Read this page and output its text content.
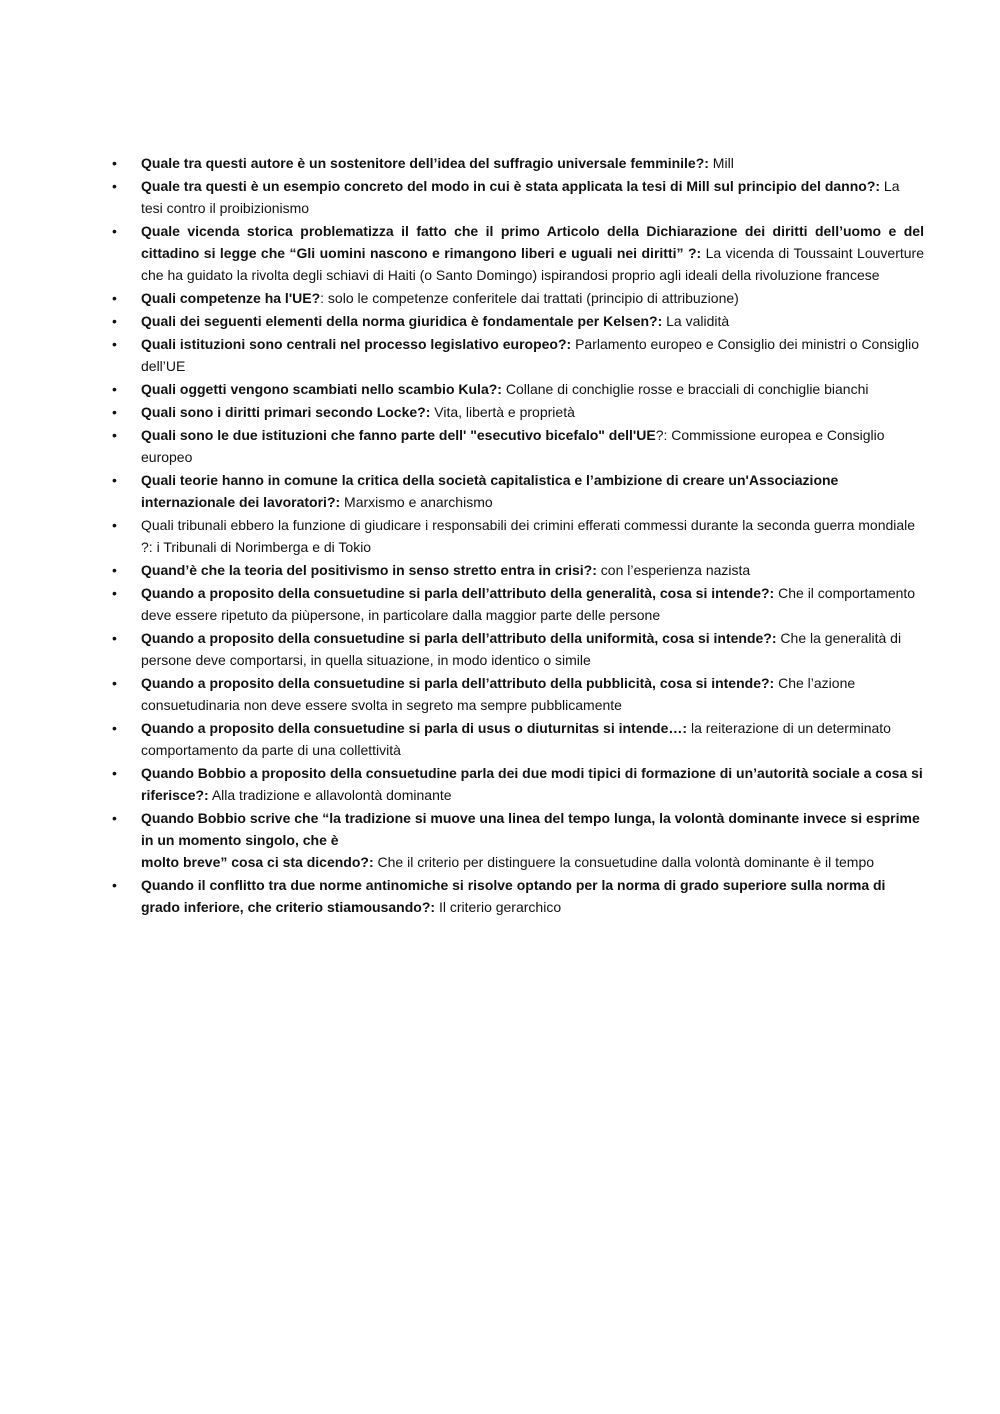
•	Quale tra questi autore è un sostenitore dell’idea del suffragio universale femminile?: Mill
•	Quale tra questi è un esempio concreto del modo in cui è stata applicata la tesi di Mill sul principio del danno?: La tesi contro il proibizionismo
•	Quale vicenda storica problematizza il fatto che il primo Articolo della Dichiarazione dei diritti dell’uomo e del cittadino si legge che “Gli uomini nascono e rimangono liberi e uguali nei diritti” ?: La vicenda di Toussaint Louverture che ha guidato la rivolta degli schiavi di Haiti (o Santo Domingo) ispirandosi proprio agli ideali della rivoluzione francese
•	Quali competenze ha l'UE?: solo le competenze conferitele dai trattati (principio di attribuzione)
•	Quali dei seguenti elementi della norma giuridica è fondamentale per Kelsen?: La validità
•	Quali istituzioni sono centrali nel processo legislativo europeo?: Parlamento europeo e Consiglio dei ministri o Consiglio dell’UE
•	Quali oggetti vengono scambiati nello scambio Kula?: Collane di conchiglie rosse e bracciali di conchiglie bianchi
•	Quali sono i diritti primari secondo Locke?: Vita, libertà e proprietà
•	Quali sono le due istituzioni che fanno parte dell' "esecutivo bicefalo" dell'UE?: Commissione europea e Consiglio europeo
•	Quali teorie hanno in comune la critica della società capitalistica e l’ambizione di creare un'Associazione internazionale dei lavoratori?: Marxismo e anarchismo
•	Quali tribunali ebbero la funzione di giudicare i responsabili dei crimini efferati commessi durante la seconda guerra mondiale ?: i Tribunali di Norimberga e di Tokio
•	Quand’è che la teoria del positivismo in senso stretto entra in crisi?: con l’esperienza nazista
•	Quando a proposito della consuetudine si parla dell’attributo della generalità, cosa si intende?: Che il comportamento deve essere ripetuto da piùpersone, in particolare dalla maggior parte delle persone
•	Quando a proposito della consuetudine si parla dell’attributo della uniformità, cosa si intende?: Che la generalità di persone deve comportarsi, in quella situazione, in modo identico o simile
•	Quando a proposito della consuetudine si parla dell’attributo della pubblicità, cosa si intende?: Che l’azione consuetudinaria non deve essere svolta in segreto ma sempre pubblicamente
•	Quando a proposito della consuetudine si parla di usus o diuturnitas si intende…: la reiterazione di un determinato comportamento da parte di una collettività
•	Quando Bobbio a proposito della consuetudine parla dei due modi tipici di formazione di un’autorità sociale a cosa si riferisce?: Alla tradizione e allavolontà dominante
•	Quando Bobbio scrive che “la tradizione si muove una linea del tempo lunga, la volontà dominante invece si esprime in un momento singolo, che è
molto breve” cosa ci sta dicendo?: Che il criterio per distinguere la consuetudine dalla volontà dominante è il tempo
•	Quando il conflitto tra due norme antinomiche si risolve optando per la norma di grado superiore sulla norma di grado inferiore, che criterio stiamousando?: Il criterio gerarchico
